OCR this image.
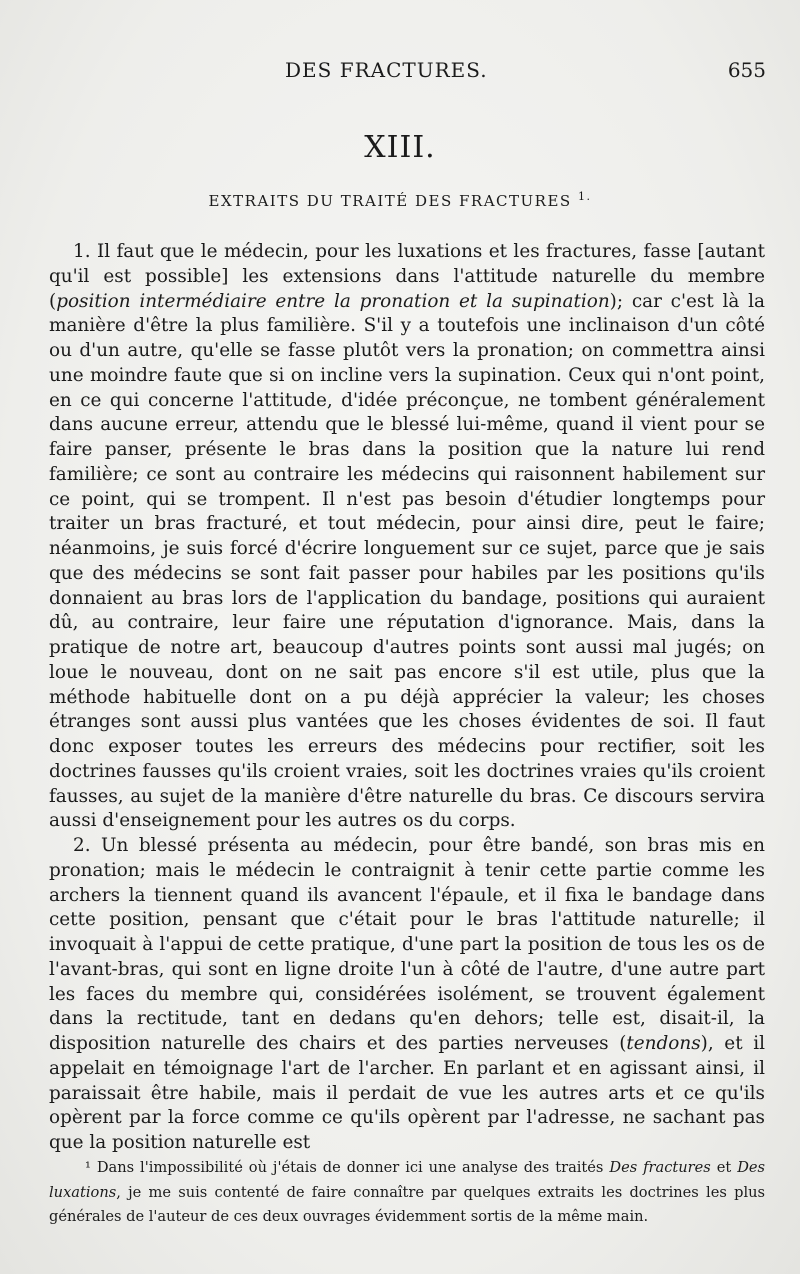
DES FRACTURES.	655
XIII.
EXTRAITS DU TRAITÉ DES FRACTURES $^{1.}$

1. Il faut que le médecin, pour les luxations et les fractures, fasse [autant qu'il est possible] les extensions dans l'attitude naturelle du membre (position intermédiaire entre la pronation et la supination); car c'est là la manière d'être la plus familière. S'il y a toutefois une inclinaison d'un côté ou d'un autre, qu'elle se fasse plutôt vers la pronation; on commettra ainsi une moindre faute que si on incline vers la supination. Ceux qui n'ont point, en ce qui concerne l'attitude, d'idée préconçue, ne tombent généralement dans aucune erreur, attendu que le blessé lui-même, quand il vient pour se faire panser, présente le bras dans la position que la nature lui rend familière; ce sont au contraire les médecins qui raisonnent habilement sur ce point, qui se trompent. Il n'est pas besoin d'étudier longtemps pour traiter un bras fracturé, et tout médecin, pour ainsi dire, peut le faire; néanmoins, je suis forcé d'écrire longuement sur ce sujet, parce que je sais que des médecins se sont fait passer pour habiles par les positions qu'ils donnaient au bras lors de l'application du bandage, positions qui auraient dû, au contraire, leur faire une réputation d'ignorance. Mais, dans la pratique de notre art, beaucoup d'autres points sont aussi mal jugés; on loue le nouveau, dont on ne sait pas encore s'il est utile, plus que la méthode habituelle dont on a pu déjà apprécier la valeur; les choses étranges sont aussi plus vantées que les choses évidentes de soi. Il faut donc exposer toutes les erreurs des médecins pour rectifier, soit les doctrines fausses qu'ils croient vraies, soit les doctrines vraies qu'ils croient fausses, au sujet de la manière d'être naturelle du bras. Ce discours servira aussi d'enseignement pour les autres os du corps.

2. Un blessé présenta au médecin, pour être bandé, son bras mis en pronation; mais le médecin le contraignit à tenir cette partie comme les archers la tiennent quand ils avancent l'épaule, et il fixa le bandage dans cette position, pensant que c'était pour le bras l'attitude naturelle; il invoquait à l'appui de cette pratique, d'une part la position de tous les os de l'avant-bras, qui sont en ligne droite l'un à côté de l'autre, d'une autre part les faces du membre qui, considérées isolément, se trouvent également dans la rectitude, tant en dedans qu'en dehors; telle est, disait-il, la disposition naturelle des chairs et des parties nerveuses (tendons), et il appelait en témoignage l'art de l'archer. En parlant et en agissant ainsi, il paraissait être habile, mais il perdait de vue les autres arts et ce qu'ils opèrent par la force comme ce qu'ils opèrent par l'adresse, ne sachant pas que la position naturelle est

¹ Dans l'impossibilité où j'étais de donner ici une analyse des traités Des fractures et Des luxations, je me suis contenté de faire connaître par quelques extraits les doctrines les plus générales de l'auteur de ces deux ouvrages évidemment sortis de la même main.
